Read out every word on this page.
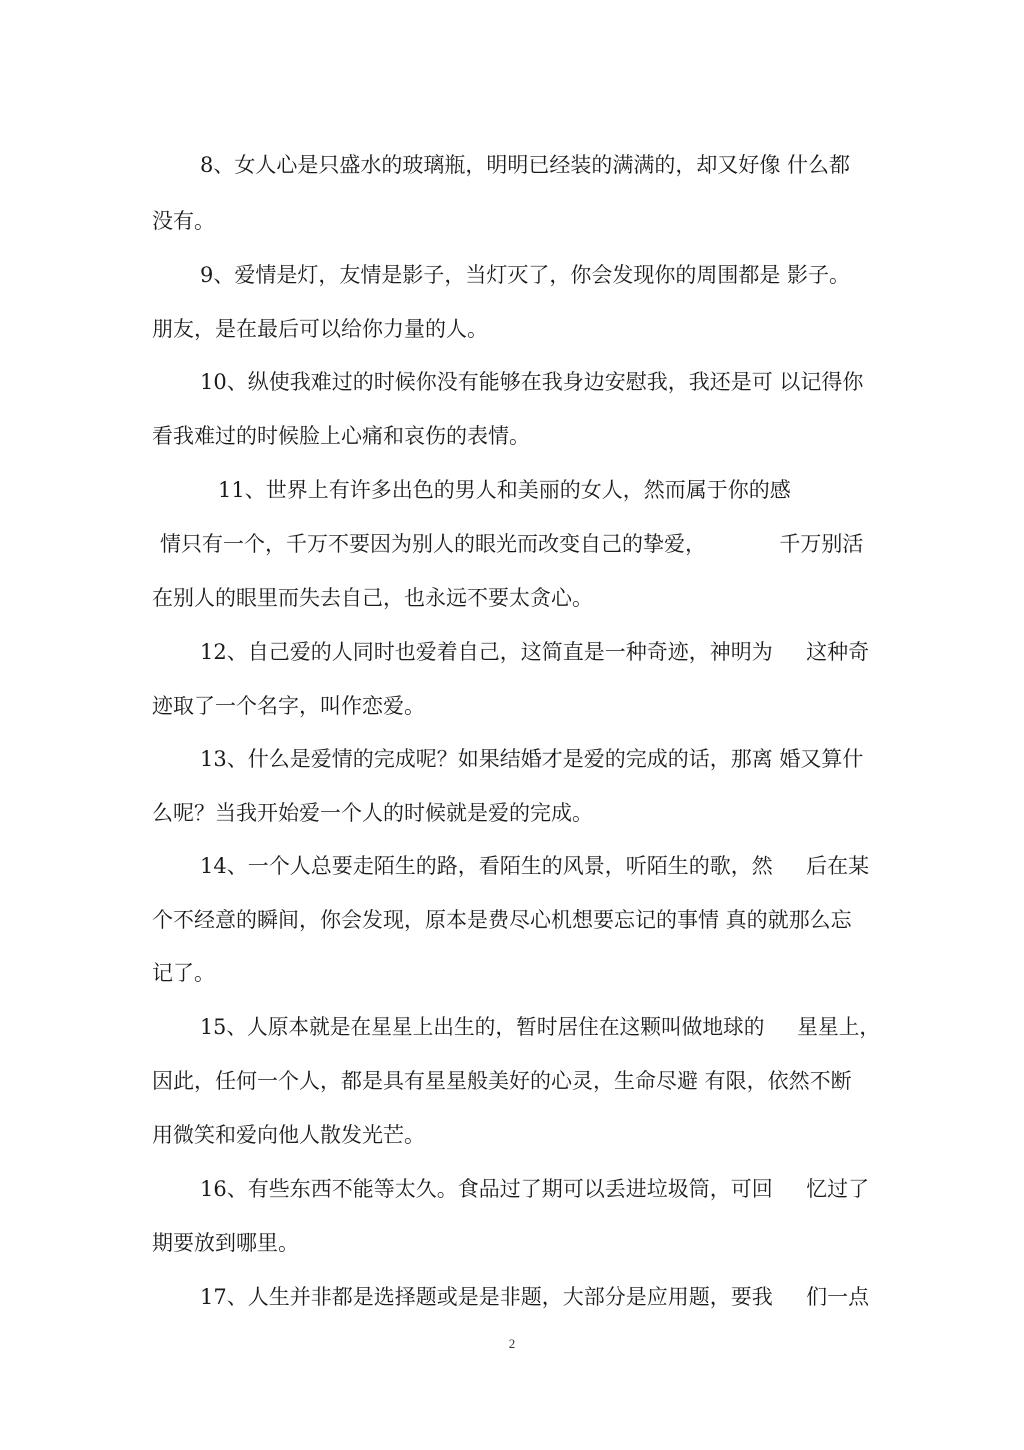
8、女人心是只盛水的玻璃瓶，明明已经装的满满的，却又好像 什么都
没有。
9、爱情是灯，友情是影子，当灯灭了，你会发现你的周围都是 影子。
朋友，是在最后可以给你力量的人。
10、纵使我难过的时候你没有能够在我身边安慰我，我还是可 以记得你
看我难过的时候脸上心痛和哀伤的表情。
11、世界上有许多出色的男人和美丽的女人，然而属于你的感
情只有一个，千万不要因为别人的眼光而改变自己的挚爱，           千万别活
在别人的眼里而失去自己，也永远不要太贪心。
12、自己爱的人同时也爱着自己，这简直是一种奇迹，神明为     这种奇
迹取了一个名字，叫作恋爱。
13、什么是爱情的完成呢？如果结婚才是爱的完成的话，那离 婚又算什
么呢？当我开始爱一个人的时候就是爱的完成。
14、一个人总要走陌生的路，看陌生的风景，听陌生的歌，然     后在某
个不经意的瞬间，你会发现，原本是费尽心机想要忘记的事情 真的就那么忘
记了。
15、人原本就是在星星上出生的，暂时居住在这颗叫做地球的     星星上，
因此，任何一个人，都是具有星星般美好的心灵，生命尽避 有限，依然不断
用微笑和爱向他人散发光芒。
16、有些东西不能等太久。食品过了期可以丢进垃圾筒，可回     忆过了
期要放到哪里。
17、人生并非都是选择题或是是非题，大部分是应用题，要我     们一点
2
